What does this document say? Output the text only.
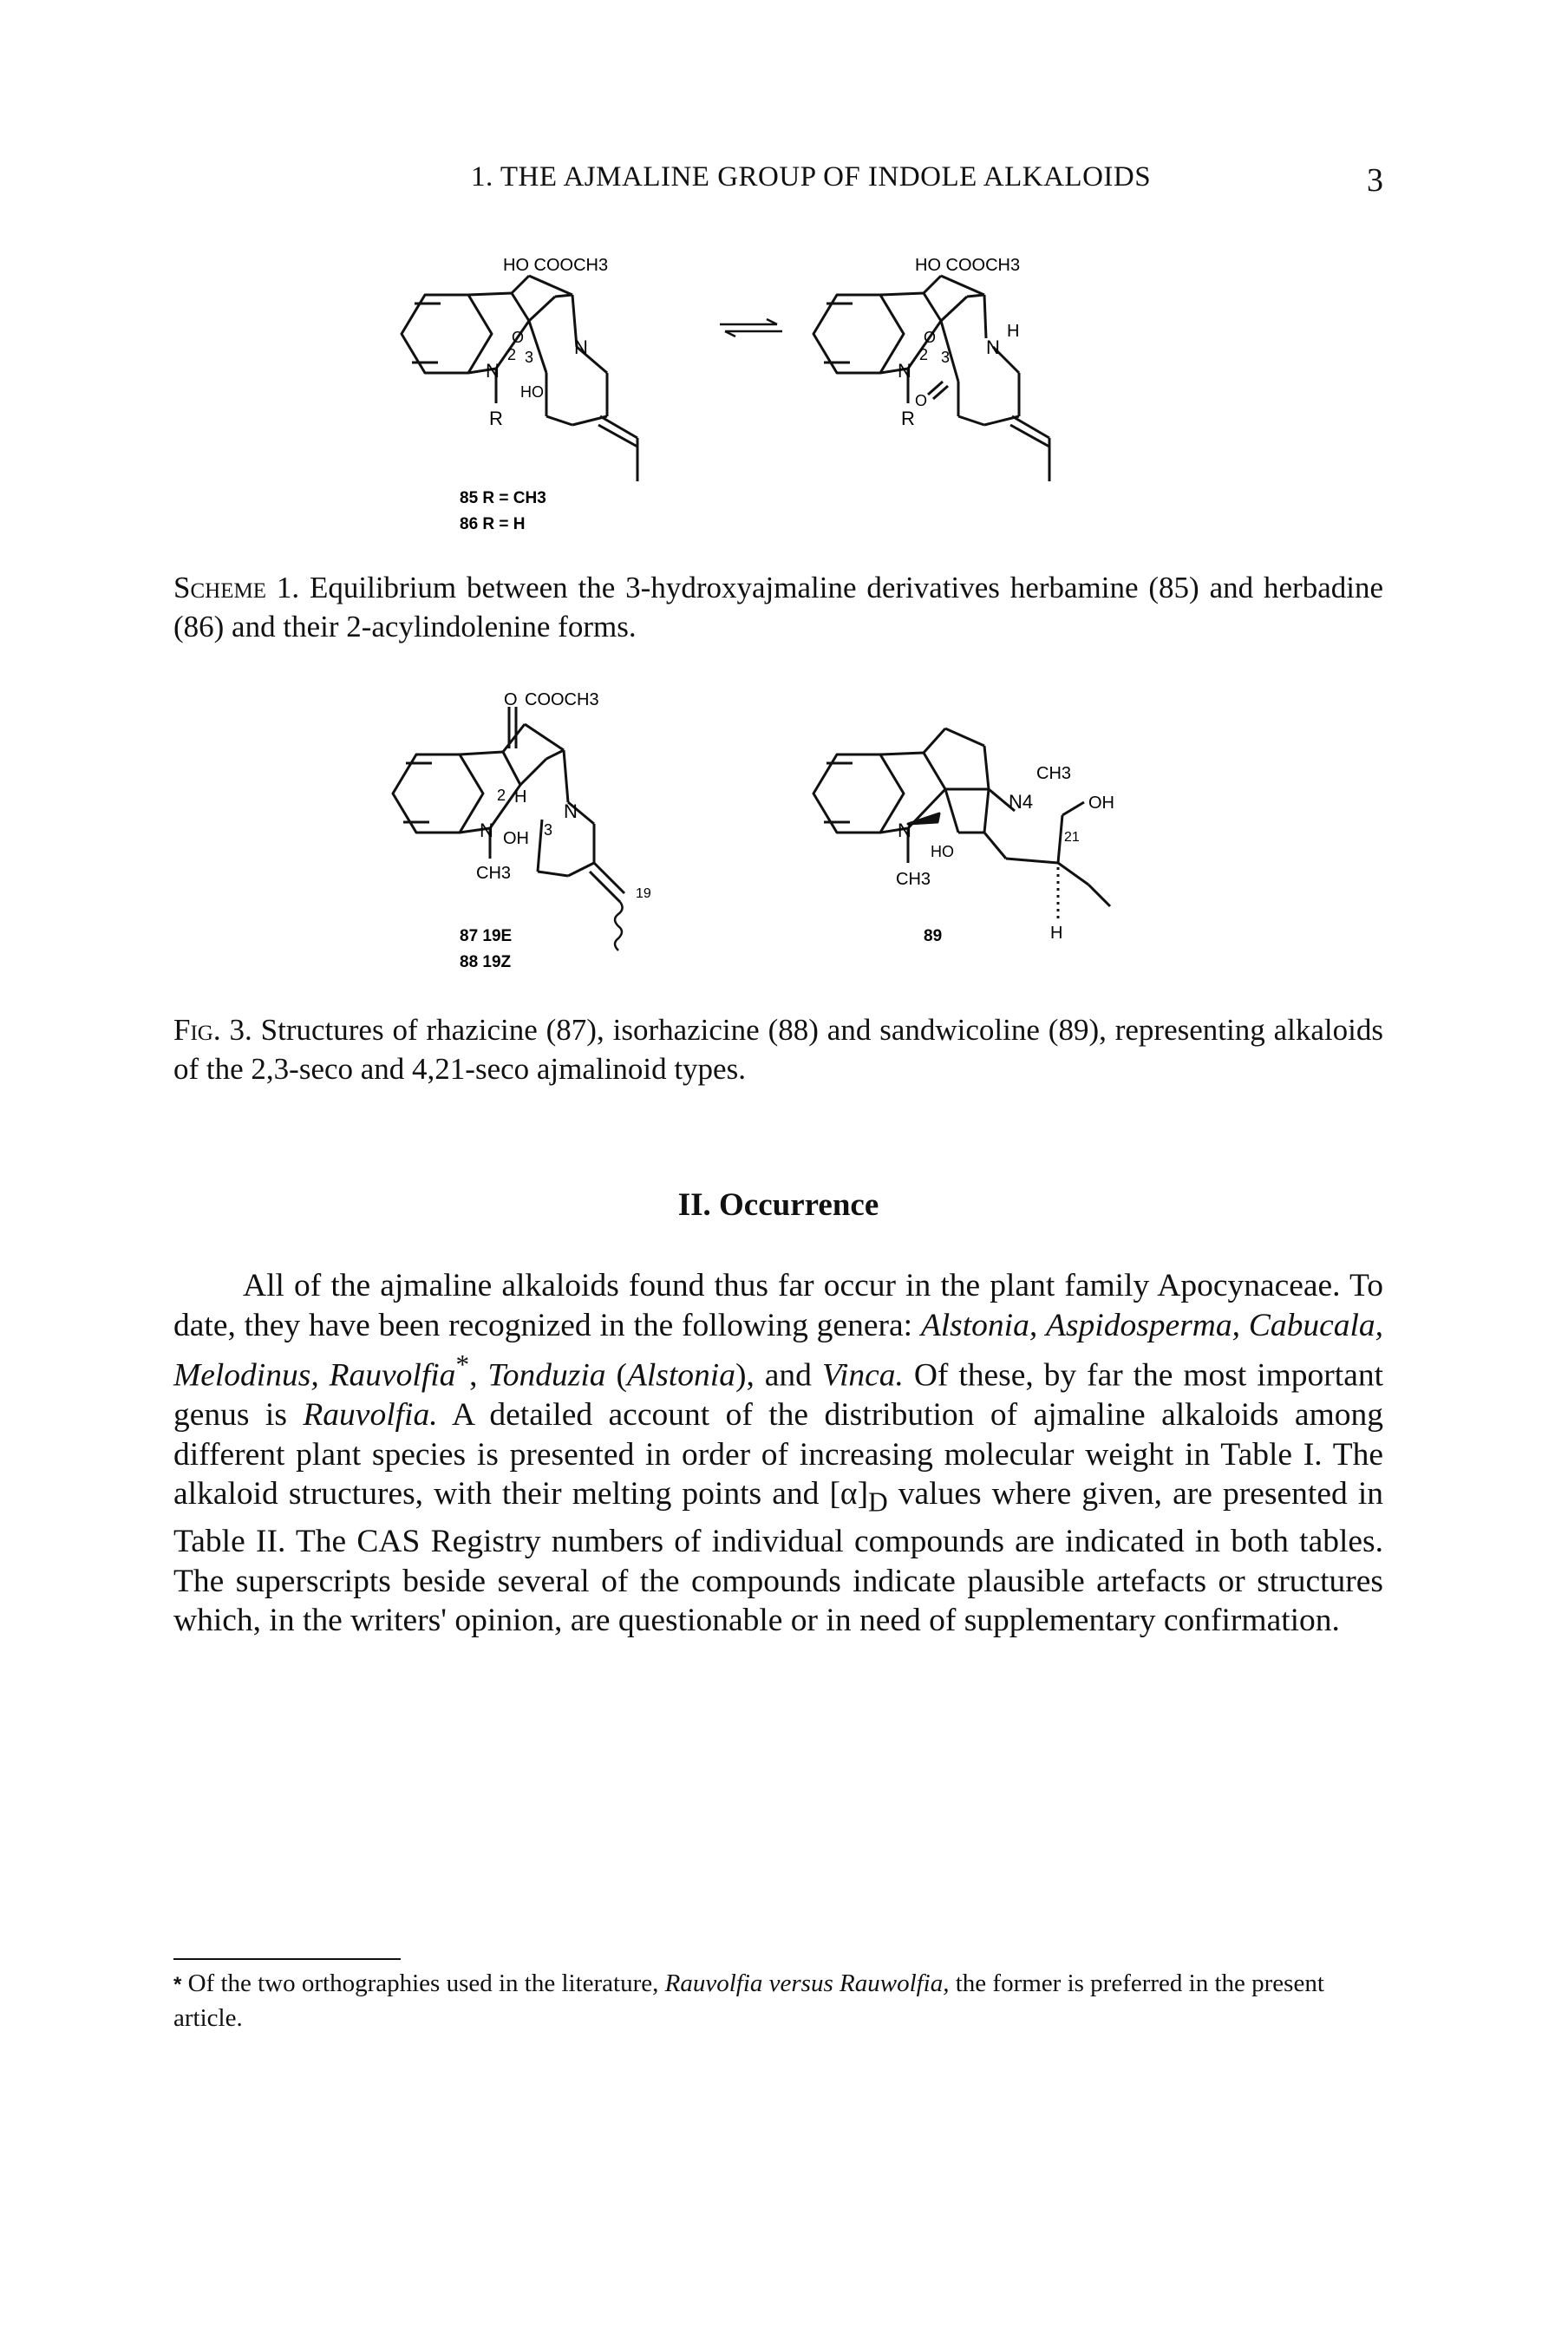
1. THE AJMALINE GROUP OF INDOLE ALKALOIDS	3
HO COOCH3
N
2
O
3 N
HO
R
HO COOCH3
N
2
O
3 N
H
O
R
85 R = CH3
86 R = H
Scheme 1. Equilibrium between the 3-hydroxyajmaline derivatives herbamine (85) and herbadine (86) and their 2-acylindolenine forms.
O COOCH3
2 H
N
N OH 3
CH3
19
87 19E
88 19Z
N
CH3
HO
N4
CH3
OH
21
H
89
Fig. 3. Structures of rhazicine (87), isorhazicine (88) and sandwicoline (89), representing alkaloids of the 2,3-seco and 4,21-seco ajmalinoid types.
II. Occurrence
All of the ajmaline alkaloids found thus far occur in the plant family Apocynaceae. To date, they have been recognized in the following genera: Alstonia, Aspidosperma, Cabucala, Melodinus, Rauvolfia*, Tonduzia (Alstonia), and Vinca. Of these, by far the most important genus is Rauvolfia. A detailed account of the distribution of ajmaline alkaloids among different plant species is presented in order of increasing molecular weight in Table I. The alkaloid structures, with their melting points and $[\alpha]_D$ values where given, are presented in Table II. The CAS Registry numbers of individual compounds are indicated in both tables. The superscripts beside several of the compounds indicate plausible artefacts or structures which, in the writers' opinion, are questionable or in need of supplementary confirmation.
* Of the two orthographies used in the literature, Rauvolfia versus Rauwolfia, the former is preferred in the present article.
